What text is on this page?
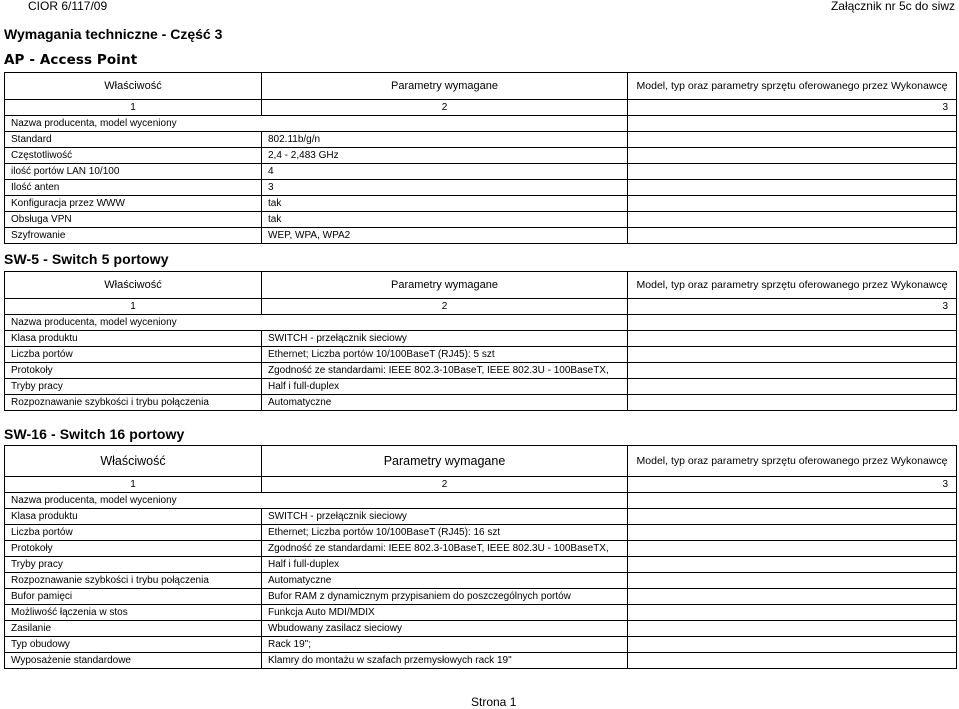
CIOR 6/117/09	Załącznik nr 5c do siwz
Wymagania techniczne - Część 3
AP - Access Point
Właściwość	Parametry wymagane	Model, typ oraz parametry sprzętu oferowanego przez Wykonawcę
1	2	3
Nazwa producenta, model wyceniony		
Standard	802.11b/g/n	
Częstotliwość	2,4 - 2,483 GHz	
ilość portów LAN 10/100	4	
Ilość anten	3	
Konfiguracja przez WWW	tak	
Obsługa VPN	tak	
Szyfrowanie	WEP, WPA, WPA2	
SW-5 - Switch 5 portowy
Właściwość	Parametry wymagane	Model, typ oraz parametry sprzętu oferowanego przez Wykonawcę
1	2	3
Nazwa producenta, model wyceniony		
Klasa produktu	SWITCH - przełącznik sieciowy	
Liczba portów	Ethernet; Liczba portów 10/100BaseT (RJ45): 5 szt	
Protokoły	Zgodność ze standardami: IEEE 802.3-10BaseT, IEEE 802.3U - 100BaseTX,	
Tryby pracy	Half i full-duplex	
Rozpoznawanie szybkości i trybu połączenia	Automatyczne	
SW-16 - Switch 16 portowy
Właściwość	Parametry wymagane	Model, typ oraz parametry sprzętu oferowanego przez Wykonawcę
1	2	3
Nazwa producenta, model wyceniony		
Klasa produktu	SWITCH - przełącznik sieciowy	
Liczba portów	Ethernet; Liczba portów 10/100BaseT (RJ45): 16 szt	
Protokoły	Zgodność ze standardami: IEEE 802.3-10BaseT, IEEE 802.3U - 100BaseTX,	
Tryby pracy	Half i full-duplex	
Rozpoznawanie szybkości i trybu połączenia	Automatyczne	
Bufor pamięci	Bufor RAM z dynamicznym przypisaniem do poszczególnych portów	
Możliwość łączenia w stos	Funkcja Auto MDI/MDIX	
Zasilanie	Wbudowany zasilacz sieciowy	
Typ obudowy	Rack 19";	
Wyposażenie standardowe	Klamry do montażu w szafach przemysłowych rack 19"	
Strona 1
